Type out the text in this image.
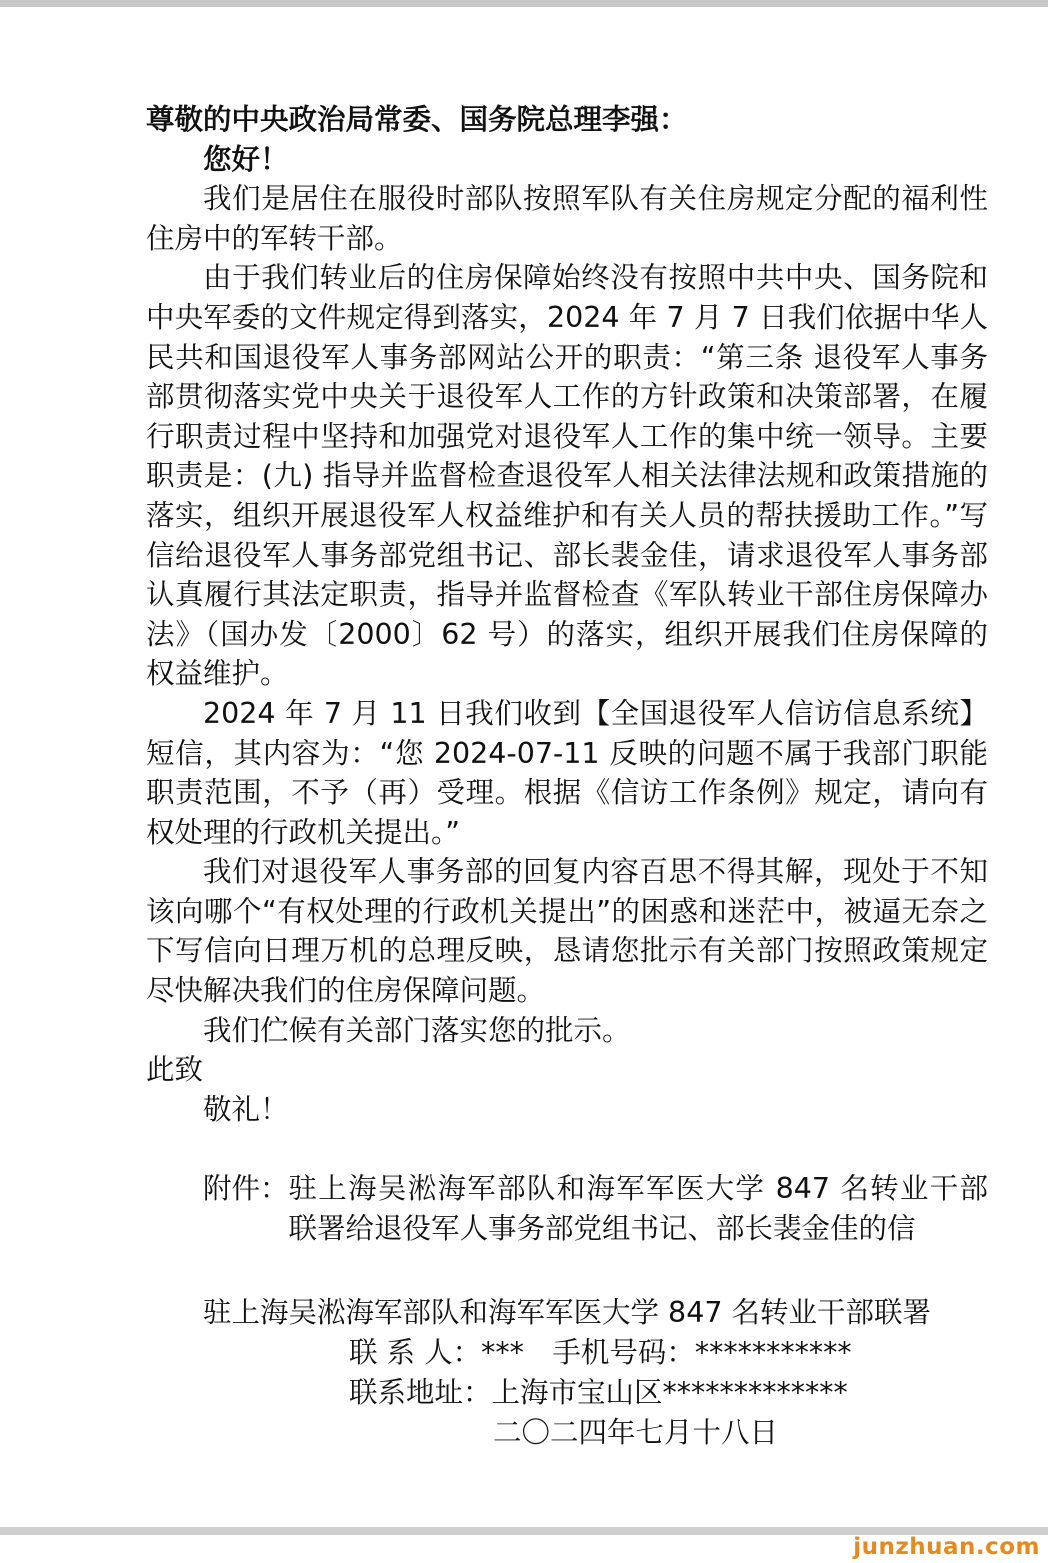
尊敬的中央政治局常委、国务院总理李强：

您好！

我们是居住在服役时部队按照军队有关住房规定分配的福利性住房中的军转干部。

由于我们转业后的住房保障始终没有按照中共中央、国务院和中央军委的文件规定得到落实，2024 年 7 月 7 日我们依据中华人民共和国退役军人事务部网站公开的职责：“第三条 退役军人事务部贯彻落实党中央关于退役军人工作的方针政策和决策部署，在履行职责过程中坚持和加强党对退役军人工作的集中统一领导。主要职责是：(九) 指导并监督检查退役军人相关法律法规和政策措施的落实，组织开展退役军人权益维护和有关人员的帮扶援助工作。”写信给退役军人事务部党组书记、部长裴金佳，请求退役军人事务部认真履行其法定职责，指导并监督检查《军队转业干部住房保障办法》（国办发〔2000〕62 号）的落实，组织开展我们住房保障的权益维护。

2024 年 7 月 11 日我们收到【全国退役军人信访信息系统】短信，其内容为：“您 2024-07-11 反映的问题不属于我部门职能职责范围，不予（再）受理。根据《信访工作条例》规定，请向有权处理的行政机关提出。”

我们对退役军人事务部的回复内容百思不得其解，现处于不知该向哪个“有权处理的行政机关提出”的困惑和迷茫中，被逼无奈之下写信向日理万机的总理反映，恳请您批示有关部门按照政策规定尽快解决我们的住房保障问题。

我们伫候有关部门落实您的批示。

此致

敬礼！

附件： 驻上海吴淞海军部队和海军军医大学 847 名转业干部联署给退役军人事务部党组书记、部长裴金佳的信

驻上海吴淞海军部队和海军军医大学 847 名转业干部联署

联 系 人：***　手机号码：***********

联系地址：上海市宝山区*************

二〇二四年七月十八日

junzhuan.com
